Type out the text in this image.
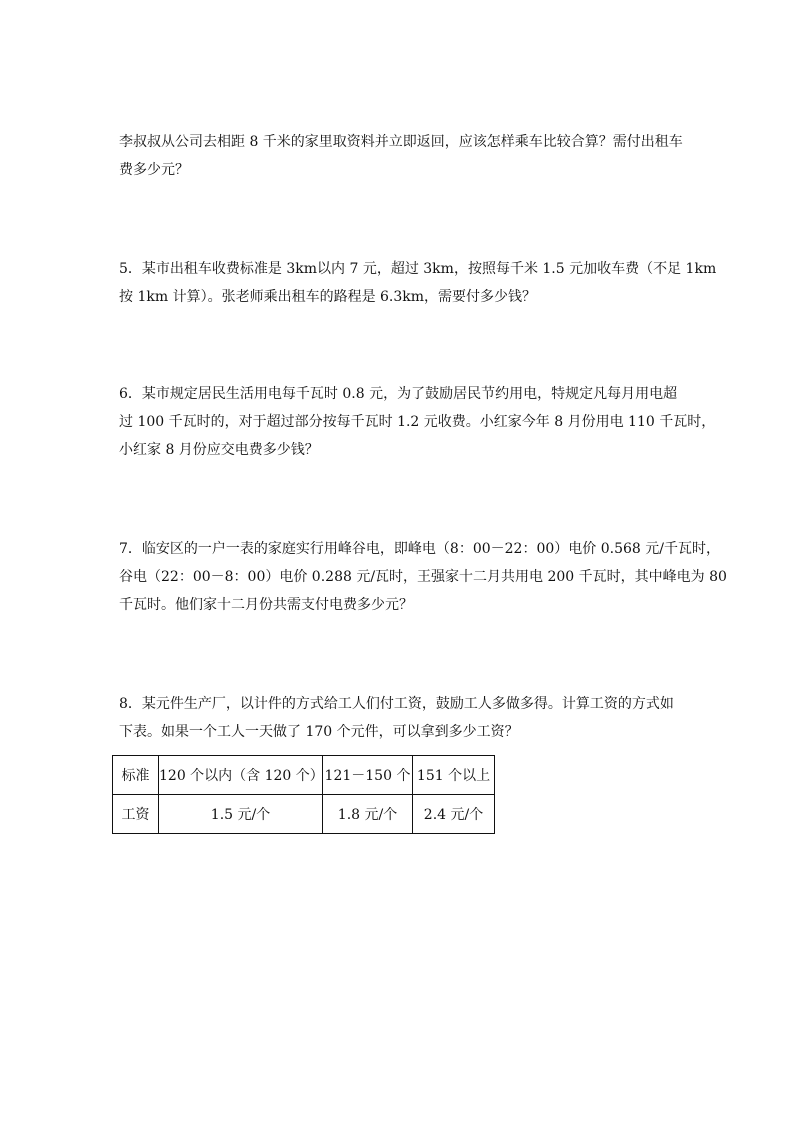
李叔叔从公司去相距 8 千米的家里取资料并立即返回，应该怎样乘车比较合算？需付出租车
费多少元？
5．某市出租车收费标准是 3km以内 7 元，超过 3km，按照每千米 1.5 元加收车费（不足 1km
按 1km 计算）。张老师乘出租车的路程是 6.3km，需要付多少钱？
6．某市规定居民生活用电每千瓦时 0.8 元，为了鼓励居民节约用电，特规定凡每月用电超
过 100 千瓦时的，对于超过部分按每千瓦时 1.2 元收费。小红家今年 8 月份用电 110 千瓦时，
小红家 8 月份应交电费多少钱？
7．临安区的一户一表的家庭实行用峰谷电，即峰电（8：00－22：00）电价 0.568 元/千瓦时，
谷电（22：00－8：00）电价 0.288 元/瓦时，王强家十二月共用电 200 千瓦时，其中峰电为 80
千瓦时。他们家十二月份共需支付电费多少元？
8．某元件生产厂，以计件的方式给工人们付工资，鼓励工人多做多得。计算工资的方式如
下表。如果一个工人一天做了 170 个元件，可以拿到多少工资？
标准	120 个以内（含 120 个）	121－150 个	151 个以上
工资	1.5 元/个	1.8 元/个	2.4 元/个
